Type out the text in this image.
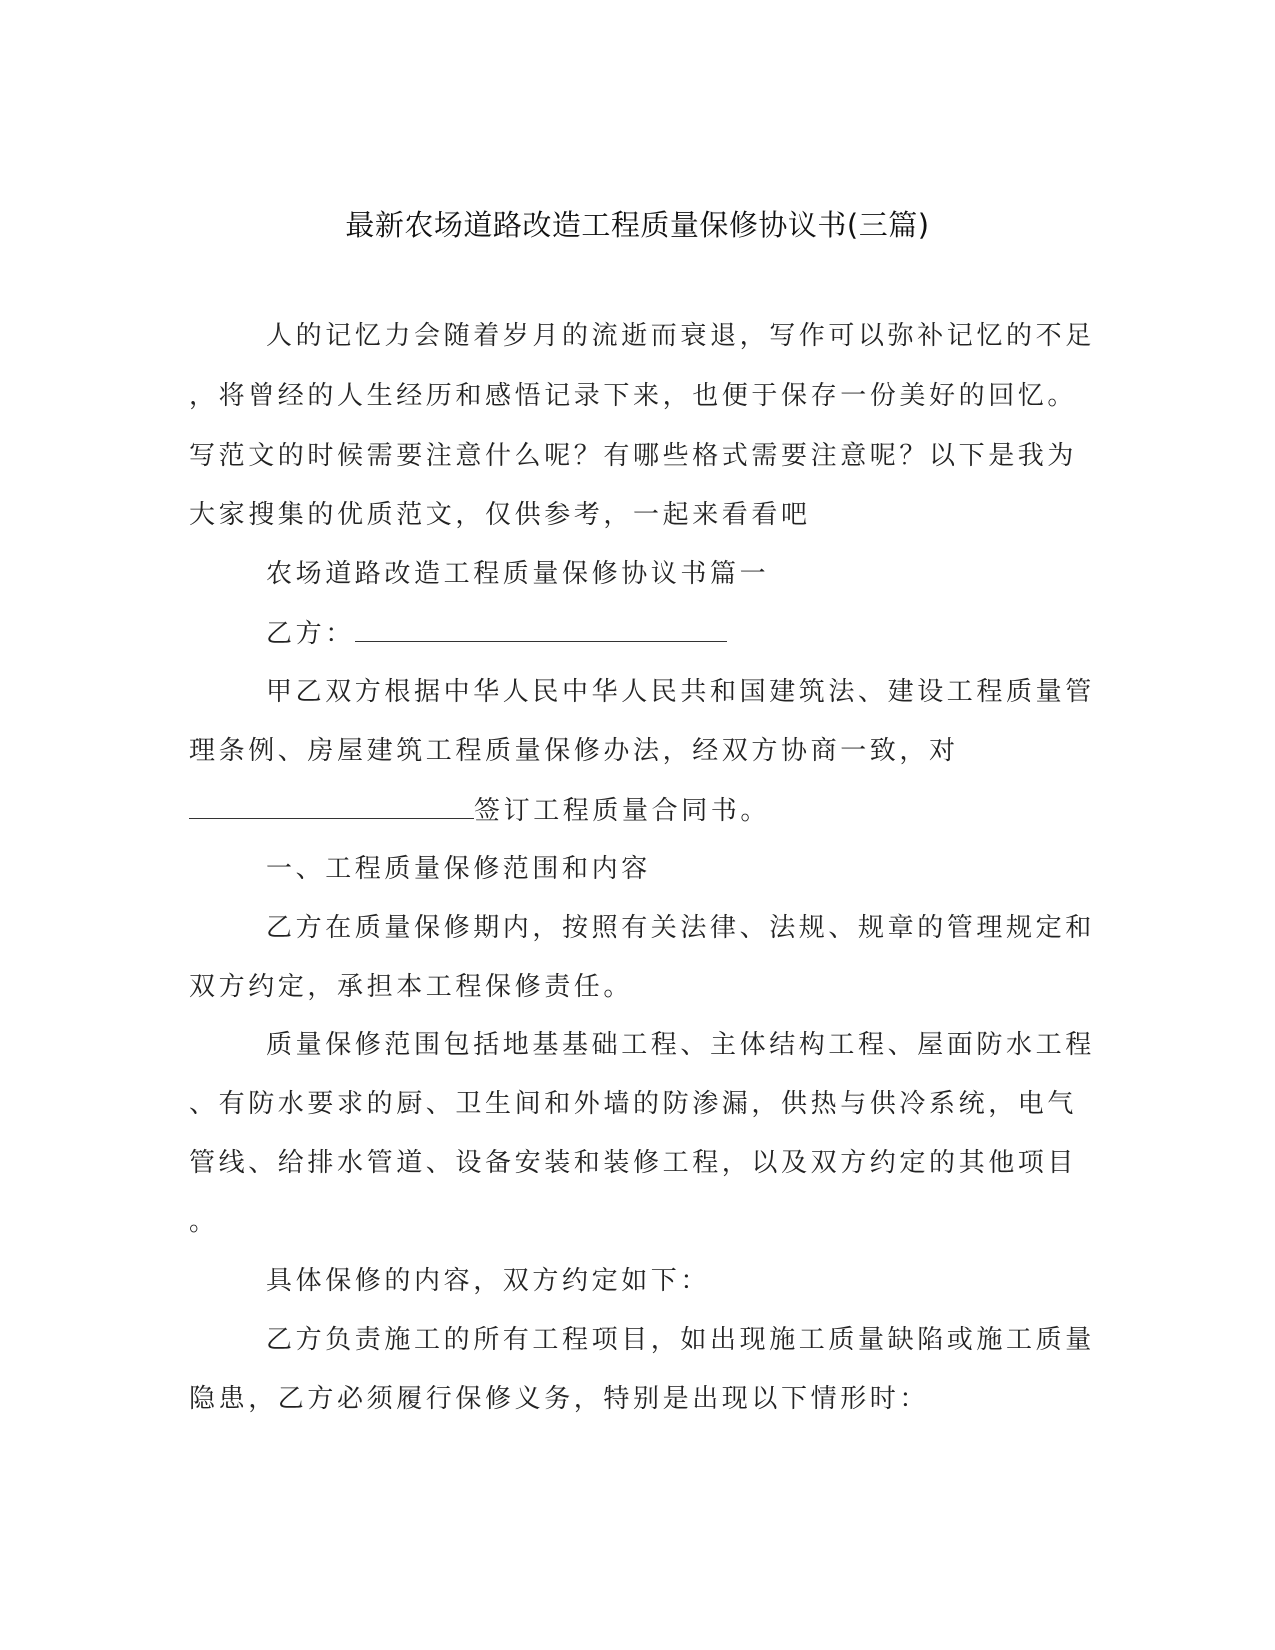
最新农场道路改造工程质量保修协议书(三篇)
人的记忆力会随着岁月的流逝而衰退，写作可以弥补记忆的不足
，将曾经的人生经历和感悟记录下来，也便于保存一份美好的回忆。
写范文的时候需要注意什么呢？有哪些格式需要注意呢？以下是我为
大家搜集的优质范文，仅供参考，一起来看看吧
农场道路改造工程质量保修协议书篇一
乙方：
甲乙双方根据中华人民中华人民共和国建筑法、建设工程质量管
理条例、房屋建筑工程质量保修办法，经双方协商一致，对
签订工程质量合同书。
一、工程质量保修范围和内容
乙方在质量保修期内，按照有关法律、法规、规章的管理规定和
双方约定，承担本工程保修责任。
质量保修范围包括地基基础工程、主体结构工程、屋面防水工程
、有防水要求的厨、卫生间和外墙的防渗漏，供热与供冷系统，电气
管线、给排水管道、设备安装和装修工程，以及双方约定的其他项目
。
具体保修的内容，双方约定如下：
乙方负责施工的所有工程项目，如出现施工质量缺陷或施工质量
隐患，乙方必须履行保修义务，特别是出现以下情形时：
